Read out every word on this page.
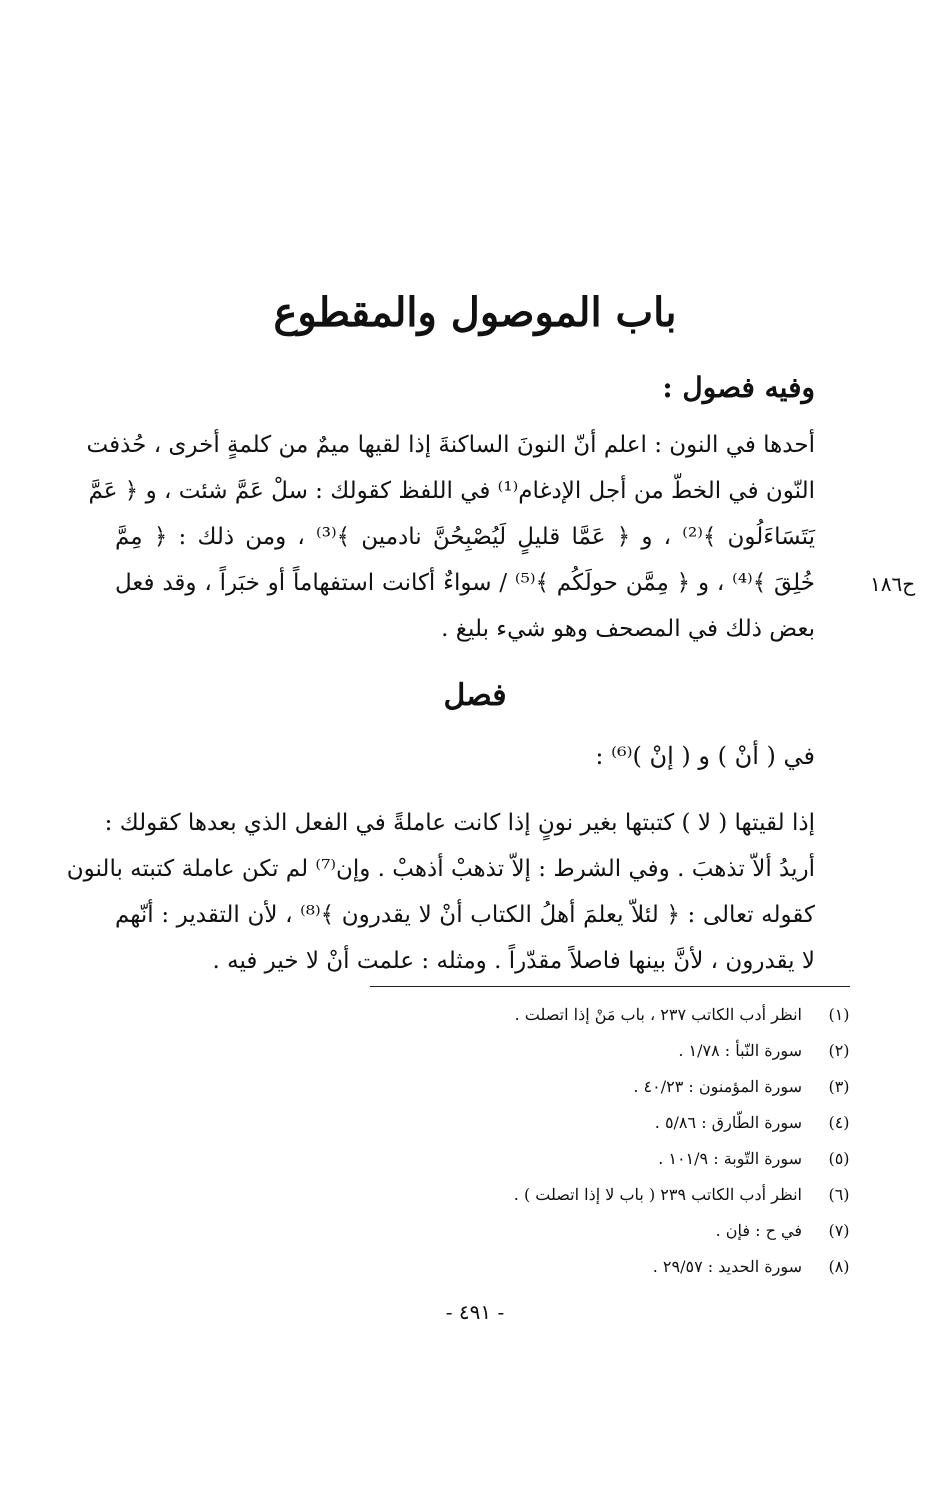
باب الموصول والمقطوع
وفيه فصول :
أحدها في النون : اعلم أنّ النونَ الساكنةَ إذا لقيها ميمٌ من كلمةٍ أخرى ، حُذفت
النّون في الخطّ من أجل الإدغام⁽¹⁾ في اللفظ كقولك : سلْ عَمَّ شئت ، و ﴿ عَمَّ
يَتَسَاءَلُون ﴾⁽²⁾ ، و ﴿ عَمَّا قليلٍ لَيُصْبِحُنَّ نادمين ﴾⁽³⁾ ، ومن ذلك : ﴿ مِمَّ
خُلِقَ ﴾⁽⁴⁾ ، و ﴿ مِمَّن حولَكُم ﴾⁽⁵⁾ / سواءٌ أكانت استفهاماً أو خبَراً ، وقد فعل
بعض ذلك في المصحف وهو شيء بليغ .
ح١٨٦
فصل
في ( أنْ ) و ( إنْ )⁽⁶⁾ :
إذا لقيتها ( لا ) كتبتها بغير نونٍ إذا كانت عاملةً في الفعل الذي بعدها كقولك :
أريدُ ألاّ تذهبَ . وفي الشرط : إلاّ تذهبْ أذهبْ . وإن⁽⁷⁾ لم تكن عاملة كتبته بالنون
كقوله تعالى : ﴿ لئلاّ يعلمَ أهلُ الكتاب أنْ لا يقدرون ﴾⁽⁸⁾ ، لأن التقدير : أنّهم
لا يقدرون ، لأنَّ بينها فاصلاً مقدّراً . ومثله : علمت أنْ لا خير فيه .
(١)
انظر أدب الكاتب ٢٣٧ ، باب مَنْ إذا اتصلت .
(٢)
سورة النّبأ : ١/٧٨ .
(٣)
سورة المؤمنون : ٤٠/٢٣ .
(٤)
سورة الطّارق : ٥/٨٦ .
(٥)
سورة التّوبة : ١٠١/٩ .
(٦)
انظر أدب الكاتب ٢٣٩ ( باب لا إذا اتصلت ) .
(٧)
في ح : فإن .
(٨)
سورة الحديد : ٢٩/٥٧ .
- ٤٩١ -
